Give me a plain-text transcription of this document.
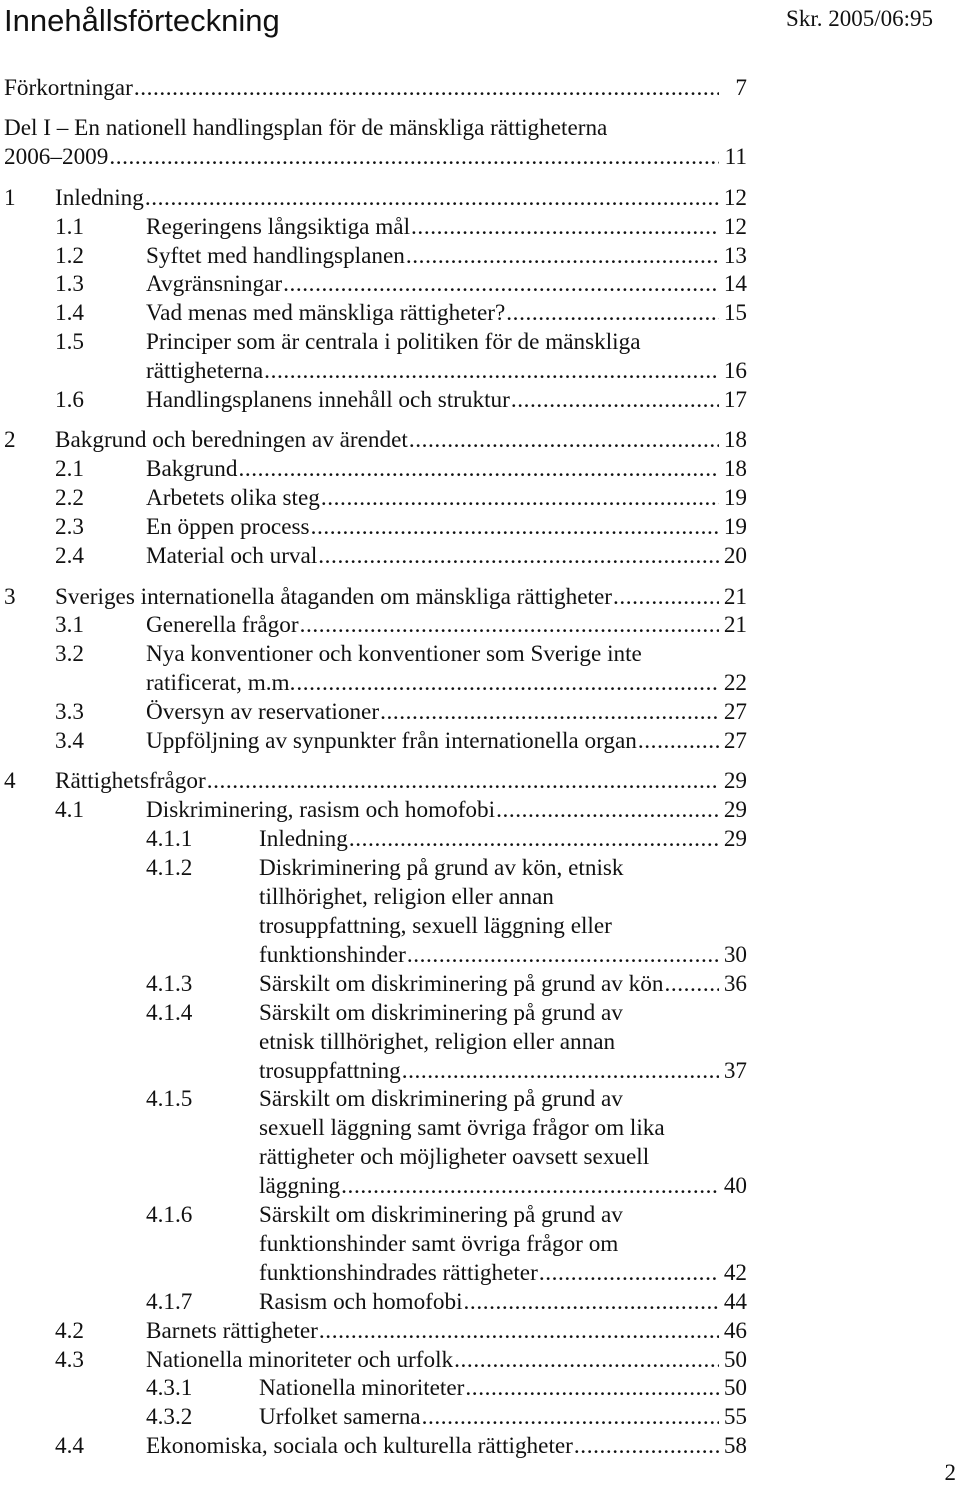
Innehållsförteckning	Skr. 2005/06:95
Förkortningar . . .	7
Del I – En nationell handlingsplan för de mänskliga rättigheterna
2006–2009 . . .	11
1 Inledning . . .	12
1.1	Regeringens långsiktiga mål . . .	12
1.2	Syftet med handlingsplanen . . .	13
1.3	Avgränsningar . . .	14
1.4	Vad menas med mänskliga rättigheter? . . .	15
1.5	Principer som är centrala i politiken för de mänskliga
rättigheterna . . .	16
1.6	Handlingsplanens innehåll och struktur . . .	17
2 Bakgrund och beredningen av ärendet . . .	18
2.1	Bakgrund . . .	18
2.2	Arbetets olika steg . . .	19
2.3	En öppen process . . .	19
2.4	Material och urval . . .	20
3 Sveriges internationella åtaganden om mänskliga rättigheter . . .	21
3.1	Generella frågor . . .	21
3.2	Nya konventioner och konventioner som Sverige inte
ratificerat, m.m. . . .	22
3.3	Översyn av reservationer . . .	27
3.4	Uppföljning av synpunkter från internationella organ . . .	27
4 Rättighetsfrågor . . .	29
4.1	Diskriminering, rasism och homofobi . . .	29
4.1.1	Inledning . . .	29
4.1.2	Diskriminering på grund av kön, etnisk
tillhörighet, religion eller annan
trosuppfattning, sexuell läggning eller
funktionshinder . . .	30
4.1.3	Särskilt om diskriminering på grund av kön . . .	36
4.1.4	Särskilt om diskriminering på grund av
etnisk tillhörighet, religion eller annan
trosuppfattning . . .	37
4.1.5	Särskilt om diskriminering på grund av
sexuell läggning samt övriga frågor om lika
rättigheter och möjligheter oavsett sexuell
läggning . . .	40
4.1.6	Särskilt om diskriminering på grund av
funktionshinder samt övriga frågor om
funktionshindrades rättigheter . . .	42
4.1.7	Rasism och homofobi . . .	44
4.2	Barnets rättigheter . . .	46
4.3	Nationella minoriteter och urfolk . . .	50
4.3.1	Nationella minoriteter . . .	50
4.3.2	Urfolket samerna . . .	55
4.4	Ekonomiska, sociala och kulturella rättigheter . . .	58
2
